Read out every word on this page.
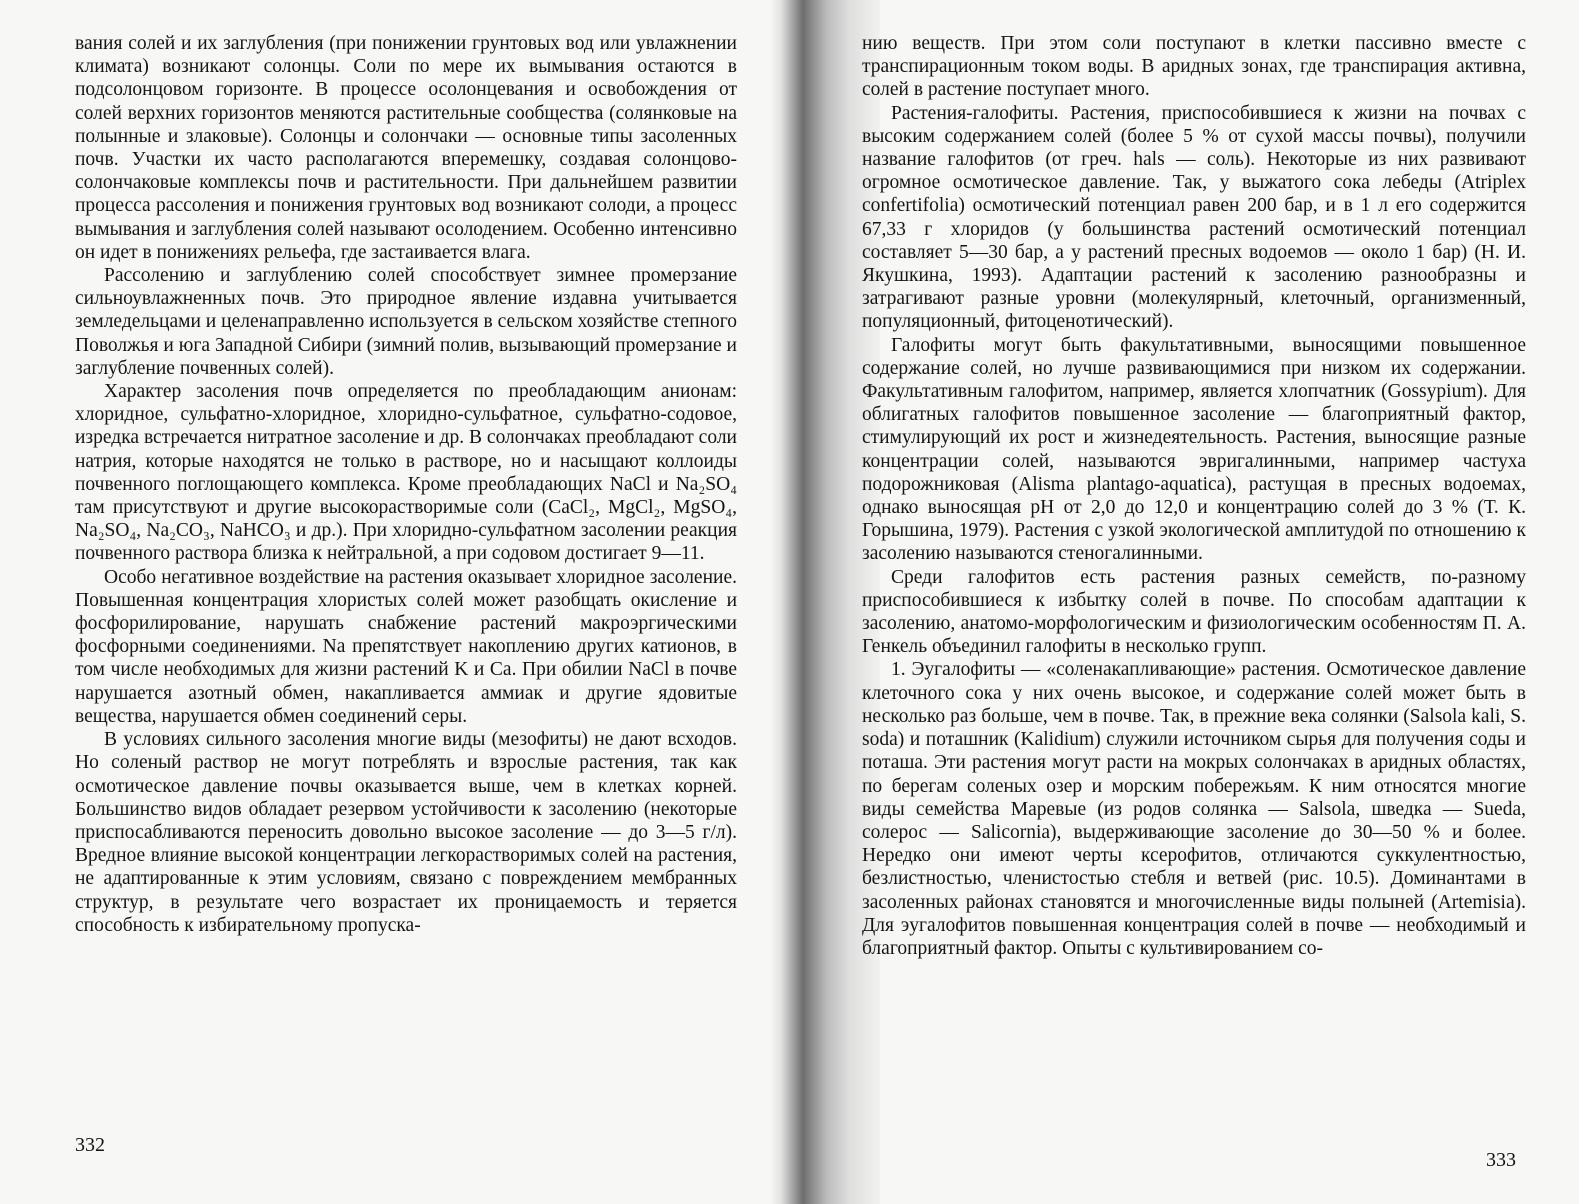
вания солей и их заглубления (при понижении грунтовых вод или увлажнении климата) возникают солонцы. Соли по мере их вымывания остаются в подсолонцовом горизонте. В процессе осолонцевания и освобождения от солей верхних горизонтов меняются растительные сообщества (солянковые на полынные и злаковые). Солонцы и солончаки — основные типы засоленных почв. Участки их часто располагаются вперемешку, создавая солонцово-солончаковые комплексы почв и растительности. При дальнейшем развитии процесса рассоления и понижения грунтовых вод возникают солоди, а процесс вымывания и заглубления солей называют осолодением. Особенно интенсивно он идет в понижениях рельефа, где застаивается влага.

Рассолению и заглублению солей способствует зимнее промерзание сильноувлажненных почв. Это природное явление издавна учитывается земледельцами и целенаправленно используется в сельском хозяйстве степного Поволжья и юга Западной Сибири (зимний полив, вызывающий промерзание и заглубление почвенных солей).

Характер засоления почв определяется по преобладающим анионам: хлоридное, сульфатно-хлоридное, хлоридно-сульфатное, сульфатно-содовое, изредка встречается нитратное засоление и др. В солончаках преобладают соли натрия, которые находятся не только в растворе, но и насыщают коллоиды почвенного поглощающего комплекса. Кроме преобладающих NaCl и Na₂SO₄ там присутствуют и другие высокорастворимые соли (CaCl₂, MgCl₂, MgSO₄, Na₂SO₄, Na₂CO₃, NaHCO₃ и др.). При хлоридно-сульфатном засолении реакция почвенного раствора близка к нейтральной, а при содовом достигает 9—11.

Особо негативное воздействие на растения оказывает хлоридное засоление. Повышенная концентрация хлористых солей может разобщать окисление и фосфорилирование, нарушать снабжение растений макроэргическими фосфорными соединениями. Na препятствует накоплению других катионов, в том числе необходимых для жизни растений K и Ca. При обилии NaCl в почве нарушается азотный обмен, накапливается аммиак и другие ядовитые вещества, нарушается обмен соединений серы.

В условиях сильного засоления многие виды (мезофиты) не дают всходов. Но соленый раствор не могут потреблять и взрослые растения, так как осмотическое давление почвы оказывается выше, чем в клетках корней. Большинство видов обладает резервом устойчивости к засолению (некоторые приспосабливаются переносить довольно высокое засоление — до 3—5 г/л). Вредное влияние высокой концентрации легкорастворимых солей на растения, не адаптированные к этим условиям, связано с повреждением мембранных структур, в результате чего возрастает их проницаемость и теряется способность к избирательному пропуска-

332

нию веществ. При этом соли поступают в клетки пассивно вместе с транспирационным током воды. В аридных зонах, где транспирация активна, солей в растение поступает много.

Растения-галофиты. Растения, приспособившиеся к жизни на почвах с высоким содержанием солей (более 5 % от сухой массы почвы), получили название галофитов (от греч. hals — соль). Некоторые из них развивают огромное осмотическое давление. Так, у выжатого сока лебеды (Atriplex confertifolia) осмотический потенциал равен 200 бар, и в 1 л его содержится 67,33 г хлоридов (у большинства растений осмотический потенциал составляет 5—30 бар, а у растений пресных водоемов — около 1 бар) (Н. И. Якушкина, 1993). Адаптации растений к засолению разнообразны и затрагивают разные уровни (молекулярный, клеточный, организменный, популяционный, фитоценотический).

Галофиты могут быть факультативными, выносящими повышенное содержание солей, но лучше развивающимися при низком их содержании. Факультативным галофитом, например, является хлопчатник (Gossypium). Для облигатных галофитов повышенное засоление — благоприятный фактор, стимулирующий их рост и жизнедеятельность. Растения, выносящие разные концентрации солей, называются эвригалинными, например частуха подорожниковая (Alisma plantago-aquatica), растущая в пресных водоемах, однако выносящая pH от 2,0 до 12,0 и концентрацию солей до 3 % (Т. К. Горышина, 1979). Растения с узкой экологической амплитудой по отношению к засолению называются стеногалинными.

Среди галофитов есть растения разных семейств, по-разному приспособившиеся к избытку солей в почве. По способам адаптации к засолению, анатомо-морфологическим и физиологическим особенностям П. А. Генкель объединил галофиты в несколько групп.

1. Эугалофиты — «соленакапливающие» растения. Осмотическое давление клеточного сока у них очень высокое, и содержание солей может быть в несколько раз больше, чем в почве. Так, в прежние века солянки (Salsola kali, S. soda) и поташник (Kalidium) служили источником сырья для получения соды и поташа. Эти растения могут расти на мокрых солончаках в аридных областях, по берегам соленых озер и морским побережьям. К ним относятся многие виды семейства Маревые (из родов солянка — Salsola, шведка — Sueda, солерос — Salicornia), выдерживающие засоление до 30—50 % и более. Нередко они имеют черты ксерофитов, отличаются суккулентностью, безлистностью, членистостью стебля и ветвей (рис. 10.5). Доминантами в засоленных районах становятся и многочисленные виды полыней (Artemisia). Для эугалофитов повышенная концентрация солей в почве — необходимый и благоприятный фактор. Опыты с культивированием со-

333
